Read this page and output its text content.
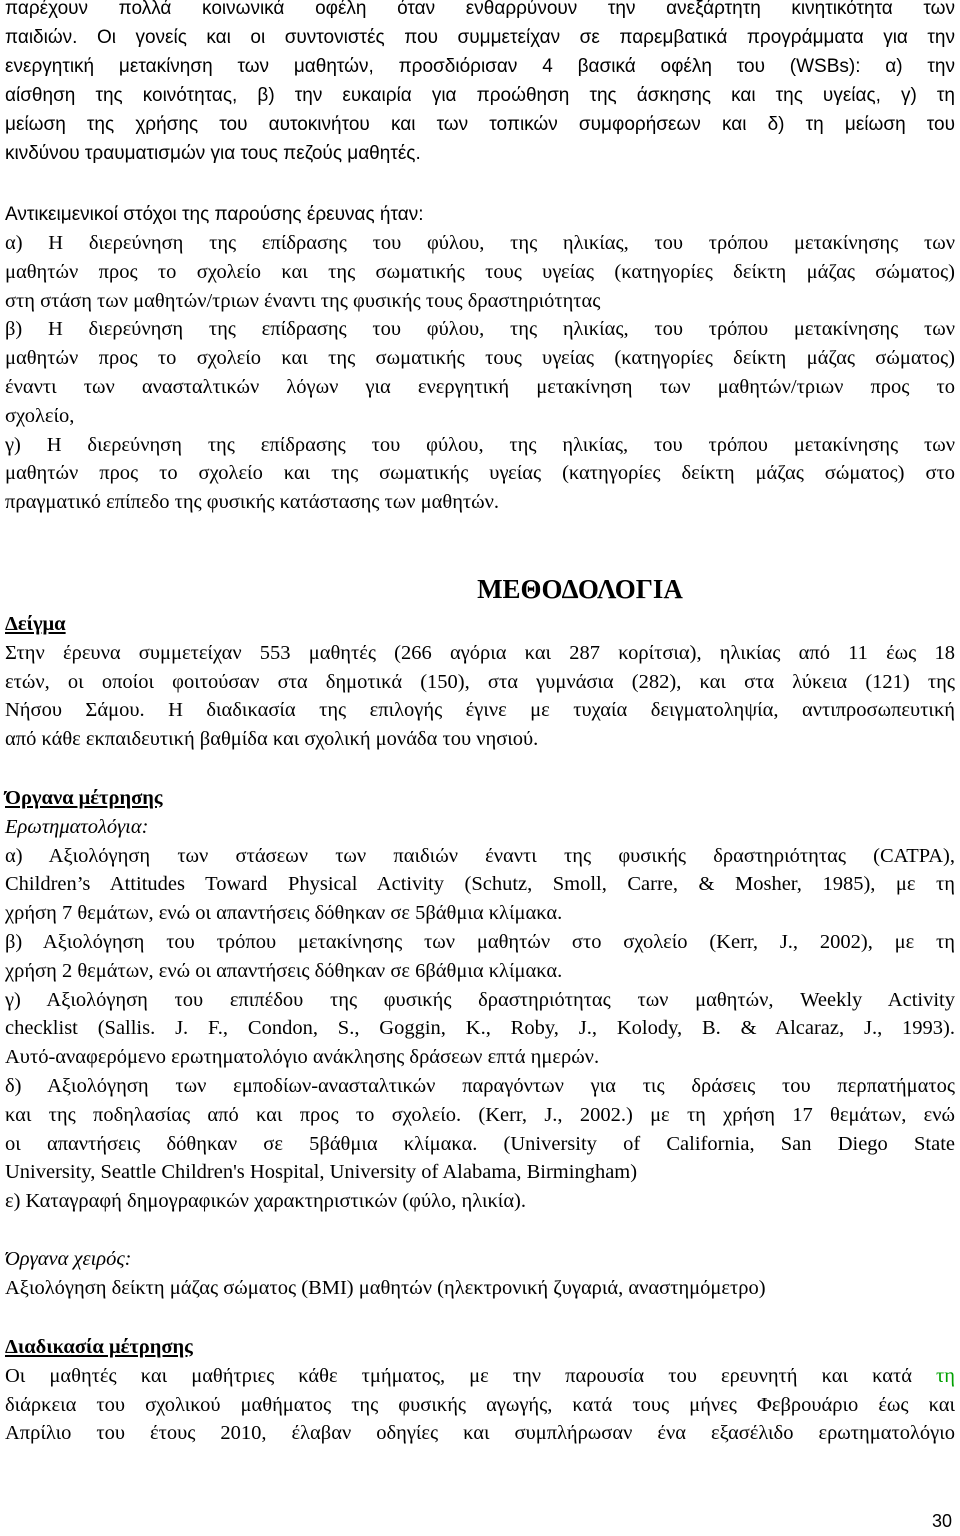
παρέχουν πολλά κοινωνικά οφέλη όταν ενθαρρύνουν την ανεξάρτητη κινητικότητα των
παιδιών. Οι γονείς και οι συντονιστές που συμμετείχαν σε παρεμβατικά προγράμματα για την
ενεργητική μετακίνηση των μαθητών, προσδιόρισαν 4 βασικά οφέλη του (WSBs): α) την
αίσθηση της κοινότητας, β) την ευκαιρία για προώθηση της άσκησης και της υγείας, γ) τη
μείωση της χρήσης του αυτοκινήτου και των τοπικών συμφορήσεων και δ) τη μείωση του
κινδύνου τραυματισμών για τους πεζούς μαθητές.
Αντικειμενικοί στόχοι της παρούσης έρευνας ήταν:
α) Η διερεύνηση της επίδρασης του φύλου, της ηλικίας, του τρόπου μετακίνησης των
μαθητών προς το σχολείο και της σωματικής τους υγείας (κατηγορίες δείκτη μάζας σώματος)
στη στάση των μαθητών/τριων έναντι της φυσικής τους δραστηριότητας
β) Η διερεύνηση της επίδρασης του φύλου, της ηλικίας, του τρόπου μετακίνησης των
μαθητών προς το σχολείο και της σωματικής τους υγείας (κατηγορίες δείκτη μάζας σώματος)
έναντι των ανασταλτικών λόγων για ενεργητική μετακίνηση των μαθητών/τριων προς το
σχολείο,
γ) Η διερεύνηση της επίδρασης του φύλου, της ηλικίας, του τρόπου μετακίνησης των
μαθητών προς το σχολείο και της σωματικής υγείας (κατηγορίες δείκτη μάζας σώματος) στο
πραγματικό επίπεδο της φυσικής κατάστασης των μαθητών.
ΜΕΘΟΔΟΛΟΓΙΑ
Δείγμα
Στην έρευνα συμμετείχαν 553 μαθητές (266 αγόρια και 287 κορίτσια), ηλικίας από 11 έως 18
ετών, οι οποίοι φοιτούσαν στα δημοτικά (150), στα γυμνάσια (282), και στα λύκεια (121) της
Νήσου Σάμου. Η διαδικασία της επιλογής έγινε με τυχαία δειγματοληψία, αντιπροσωπευτική
από κάθε εκπαιδευτική βαθμίδα και σχολική μονάδα του νησιού.
Όργανα μέτρησης
Ερωτηματολόγια:
α) Αξιολόγηση των στάσεων των παιδιών έναντι της φυσικής δραστηριότητας (CATPA),
Children’s Attitudes Toward Physical Activity (Schutz, Smoll, Carre, & Mosher, 1985), με τη
χρήση 7 θεμάτων, ενώ οι απαντήσεις δόθηκαν σε 5βάθμια κλίμακα.
β) Αξιολόγηση του τρόπου μετακίνησης των μαθητών στο σχολείο (Kerr, J., 2002), με τη
χρήση 2 θεμάτων, ενώ οι απαντήσεις δόθηκαν σε 6βάθμια κλίμακα.
γ) Αξιολόγηση του επιπέδου της φυσικής δραστηριότητας των μαθητών, Weekly Activity
checklist (Sallis. J. F., Condon, S., Goggin, K., Roby, J., Kolody, B. & Alcaraz, J., 1993).
Αυτό-αναφερόμενο ερωτηματολόγιο ανάκλησης δράσεων επτά ημερών.
δ) Αξιολόγηση των εμποδίων-ανασταλτικών παραγόντων για τις δράσεις του περπατήματος
και της ποδηλασίας από και προς το σχολείο. (Kerr, J., 2002.) με τη χρήση 17 θεμάτων, ενώ
οι απαντήσεις δόθηκαν σε 5βάθμια κλίμακα. (University of California, San Diego State
University, Seattle Children's Hospital, University of Alabama, Birmingham)
ε) Καταγραφή δημογραφικών χαρακτηριστικών (φύλο, ηλικία).
Όργανα χειρός:
Αξιολόγηση δείκτη μάζας σώματος (BMI) μαθητών (ηλεκτρονική ζυγαριά, αναστημόμετρο)
Διαδικασία μέτρησης
Οι μαθητές και μαθήτριες κάθε τμήματος, με την παρουσία του ερευνητή και κατά τη
διάρκεια του σχολικού μαθήματος της φυσικής αγωγής, κατά τους μήνες Φεβρουάριο έως και
Απρίλιο του έτους 2010, έλαβαν οδηγίες και συμπλήρωσαν ένα εξασέλιδο ερωτηματολόγιο
30
